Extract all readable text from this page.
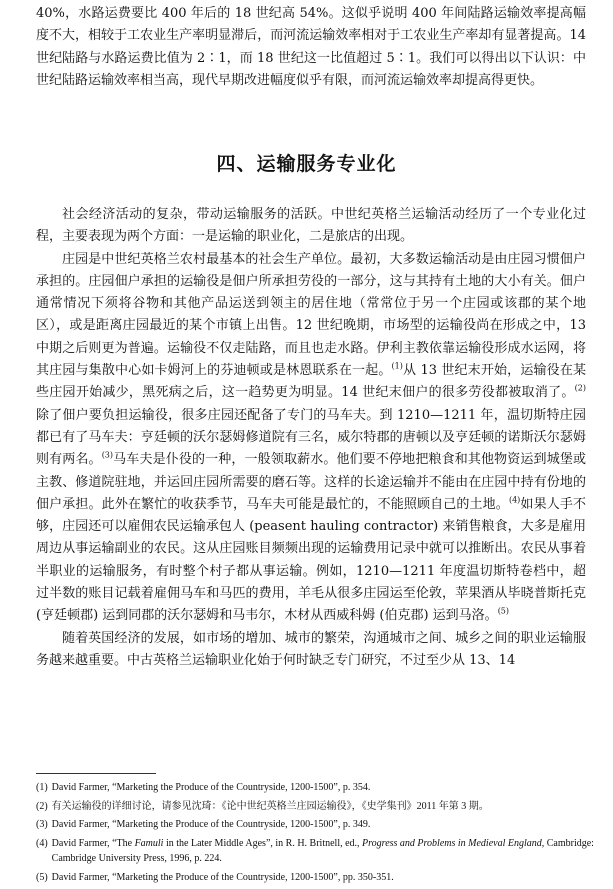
40%，水路运费要比 400 年后的 18 世纪高 54%。这似乎说明 400 年间陆路运输效率提高幅度不大，相较于工农业生产率明显滞后，而河流运输效率相对于工农业生产率却有显著提高。14 世纪陆路与水路运费比值为 2∶1，而 18 世纪这一比值超过 5∶1。我们可以得出以下认识：中世纪陆路运输效率相当高，现代早期改进幅度似乎有限，而河流运输效率却提高得更快。

四、运输服务专业化

社会经济活动的复杂，带动运输服务的活跃。中世纪英格兰运输活动经历了一个专业化过程，主要表现为两个方面：一是运输的职业化，二是旅店的出现。

庄园是中世纪英格兰农村最基本的社会生产单位。最初，大多数运输活动是由庄园习惯佃户承担的。庄园佃户承担的运输役是佃户所承担劳役的一部分，这与其持有土地的大小有关。佃户通常情况下须将谷物和其他产品运送到领主的居住地（常常位于另一个庄园或该郡的某个地区），或是距离庄园最近的某个市镇上出售。12 世纪晚期，市场型的运输役尚在形成之中，13 中期之后则更为普遍。运输役不仅走陆路，而且也走水路。伊利主教依靠运输役形成水运网，将其庄园与集散中心如卡姆河上的芬迪顿或是林恩联系在一起。$^{(1)}$从 13 世纪末开始，运输役在某些庄园开始减少，黑死病之后，这一趋势更为明显。14 世纪末佃户的很多劳役都被取消了。$^{(2)}$除了佃户要负担运输役，很多庄园还配备了专门的马车夫。到 1210—1211 年，温切斯特庄园都已有了马车夫：亨廷顿的沃尔瑟姆修道院有三名，威尔特郡的唐顿以及亨廷顿的诺斯沃尔瑟姆则有两名。$^{(3)}$马车夫是仆役的一种，一般领取薪水。他们要不停地把粮食和其他物资运到城堡或主教、修道院驻地，并运回庄园所需要的磨石等。这样的长途运输并不能由在庄园中持有份地的佃户承担。此外在繁忙的收获季节，马车夫可能是最忙的，不能照顾自己的土地。$^{(4)}$如果人手不够，庄园还可以雇佣农民运输承包人 (peasent hauling contractor) 来销售粮食，大多是雇用周边从事运输副业的农民。这从庄园账目频频出现的运输费用记录中就可以推断出。农民从事着半职业的运输服务，有时整个村子都从事运输。例如，1210—1211 年度温切斯特卷档中，超过半数的账目记载着雇佣马车和马匹的费用，羊毛从很多庄园运至伦敦，苹果酒从毕晓普斯托克(亨廷顿郡) 运到同郡的沃尔瑟姆和马韦尔，木材从西威科姆 (伯克郡) 运到马洛。$^{(5)}$

随着英国经济的发展，如市场的增加、城市的繁荣，沟通城市之间、城乡之间的职业运输服务越来越重要。中古英格兰运输职业化始于何时缺乏专门研究，不过至少从 13、14

(1) David Farmer, “Marketing the Produce of the Countryside, 1200-1500”, p. 354.
(2) 有关运输役的详细讨论，请参见沈琦：《论中世纪英格兰庄园运输役》，《史学集刊》2011 年第 3 期。
(3) David Farmer, “Marketing the Produce of the Countryside, 1200-1500”, p. 349.
(4) David Farmer, “The Famuli in the Later Middle Ages”, in R. H. Britnell, ed., Progress and Problems in Medieval England, Cambridge: Cambridge University Press, 1996, p. 224.
(5) David Farmer, “Marketing the Produce of the Countryside, 1200-1500”, pp. 350-351.
